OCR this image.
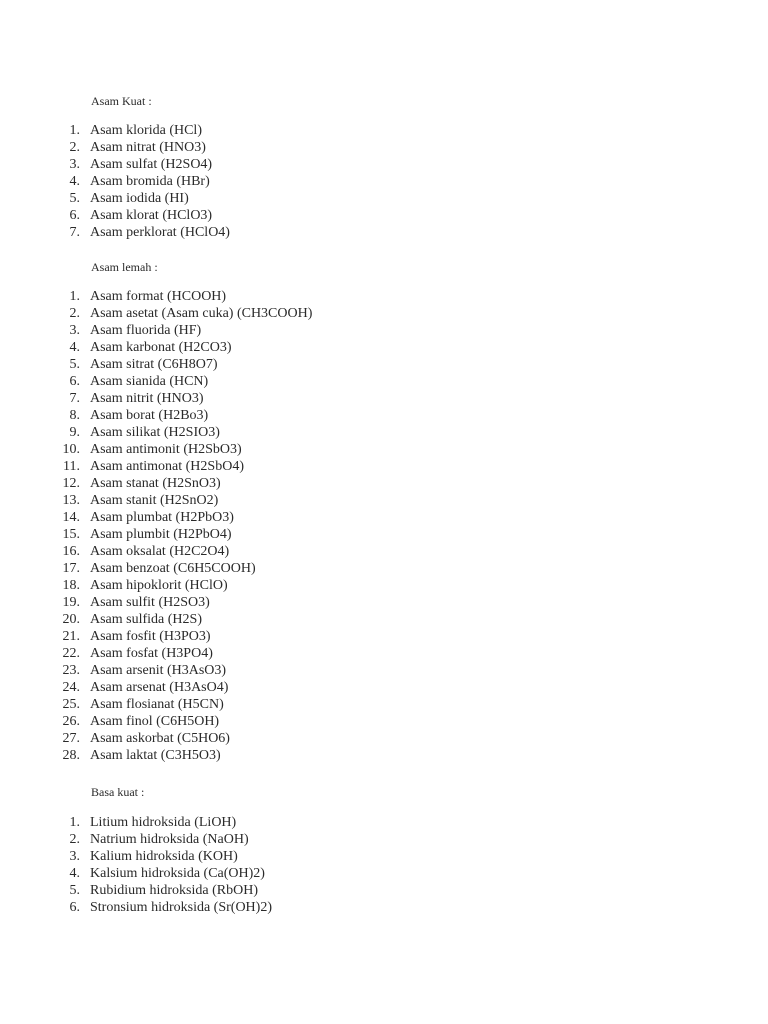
Asam Kuat :
1. Asam klorida (HCl)
2. Asam nitrat (HNO3)
3. Asam sulfat (H2SO4)
4. Asam bromida (HBr)
5. Asam iodida (HI)
6. Asam klorat (HClO3)
7. Asam perklorat (HClO4)
Asam lemah :
1. Asam format (HCOOH)
2. Asam asetat (Asam cuka) (CH3COOH)
3. Asam fluorida (HF)
4. Asam karbonat (H2CO3)
5. Asam sitrat (C6H8O7)
6. Asam sianida (HCN)
7. Asam nitrit (HNO3)
8. Asam borat (H2Bo3)
9. Asam silikat (H2SIO3)
10. Asam antimonit (H2SbO3)
11. Asam antimonat (H2SbO4)
12. Asam stanat (H2SnO3)
13. Asam stanit (H2SnO2)
14. Asam plumbat (H2PbO3)
15. Asam plumbit (H2PbO4)
16. Asam oksalat (H2C2O4)
17. Asam benzoat (C6H5COOH)
18. Asam hipoklorit (HClO)
19. Asam sulfit (H2SO3)
20. Asam sulfida (H2S)
21. Asam fosfit (H3PO3)
22. Asam fosfat (H3PO4)
23. Asam arsenit (H3AsO3)
24. Asam arsenat (H3AsO4)
25. Asam flosianat (H5CN)
26. Asam finol (C6H5OH)
27. Asam askorbat (C5HO6)
28. Asam laktat (C3H5O3)
Basa kuat :
1. Litium hidroksida (LiOH)
2. Natrium hidroksida (NaOH)
3. Kalium hidroksida (KOH)
4. Kalsium hidroksida (Ca(OH)2)
5. Rubidium hidroksida (RbOH)
6. Stronsium hidroksida (Sr(OH)2)
